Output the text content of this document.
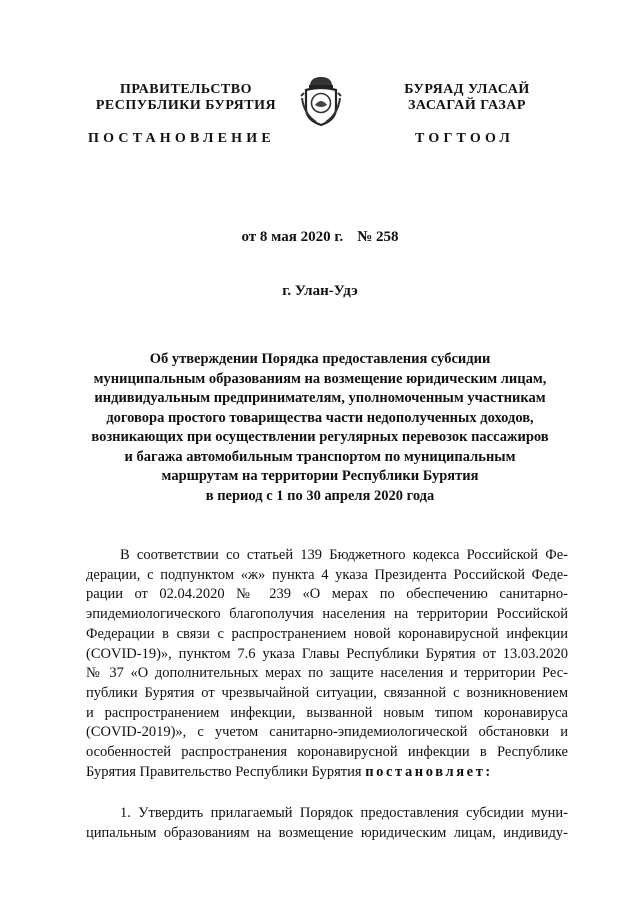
ПРАВИТЕЛЬСТВО
РЕСПУБЛИКИ БУРЯТИЯ
БУРЯАД УЛАСАЙ
ЗАСАГАЙ ГАЗАР
ПОСТАНОВЛЕНИЕ	ТОГТООЛ
от 8 мая 2020 г. № 258
г. Улан-Удэ
Об утверждении Порядка предоставления субсидии
муниципальным образованиям на возмещение юридическим лицам,
индивидуальным предпринимателям, уполномоченным участникам
договора простого товарищества части недополученных доходов,
возникающих при осуществлении регулярных перевозок пассажиров
и багажа автомобильным транспортом по муниципальным
маршрутам на территории Республики Бурятия
в период с 1 по 30 апреля 2020 года
В соответствии со статьей 139 Бюджетного кодекса Российской Фе-
дерации, с подпунктом «ж» пункта 4 указа Президента Российской Феде-
рации от 02.04.2020 № 239 «О мерах по обеспечению санитарно-
эпидемиологического благополучия населения на территории Российской
Федерации в связи с распространением новой коронавирусной инфекции
(COVID-19)», пунктом 7.6 указа Главы Республики Бурятия от 13.03.2020
№ 37 «О дополнительных мерах по защите населения и территории Рес-
публики Бурятия от чрезвычайной ситуации, связанной с возникновением
и распространением инфекции, вызванной новым типом коронавируса
(COVID-2019)», с учетом санитарно-эпидемиологической обстановки и
особенностей распространения коронавирусной инфекции в Республике
Бурятия Правительство Республики Бурятия постановляет:
1. Утвердить прилагаемый Порядок предоставления субсидии муни-
ципальным образованиям на возмещение юридическим лицам, индивиду-
